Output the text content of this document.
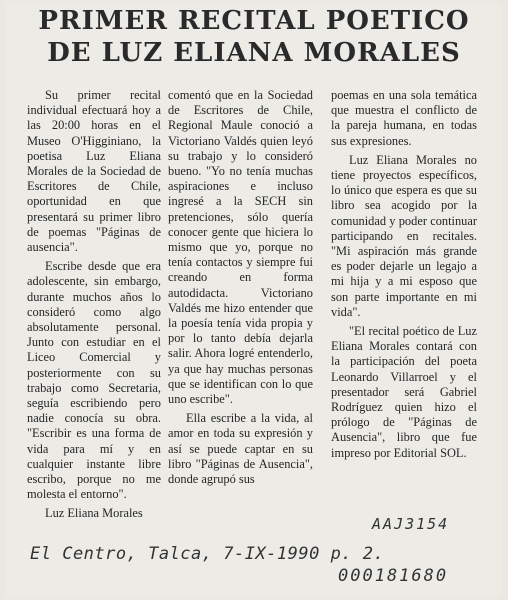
PRIMER RECITAL POETICO
DE LUZ ELIANA MORALES

Su primer recital individual efectuará hoy a las 20:00 horas en el Museo O'Higginiano, la poetisa Luz Eliana Morales de la Sociedad de Escritores de Chile, oportunidad en que presentará su primer libro de poemas "Páginas de ausencia".

Escribe desde que era adolescente, sin embargo, durante muchos años lo consideró como algo absolutamente personal. Junto con estudiar en el Liceo Comercial y posteriormente con su trabajo como Secretaria, seguía escribiendo pero nadie conocía su obra. "Escribir es una forma de vida para mí y en cualquier instante libre escribo, porque no me molesta el entorno".

Luz Eliana Morales

comentó que en la Sociedad de Escritores de Chile, Regional Maule conoció a Victoriano Valdés quien leyó su trabajo y lo consideró bueno. "Yo no tenía muchas aspiraciones e incluso ingresé a la SECH sin pretenciones, sólo quería conocer gente que hiciera lo mismo que yo, porque no tenía contactos y siempre fui creando en forma autodidacta. Victoriano Valdés me hizo entender que la poesía tenía vida propia y por lo tanto debía dejarla salir. Ahora logré entenderlo, ya que hay muchas personas que se identifican con lo que uno escribe".

Ella escribe a la vida, al amor en toda su expresión y así se puede captar en su libro "Páginas de Ausencia", donde agrupó sus

poemas en una sola temática que muestra el conflicto de la pareja humana, en todas sus expresiones.

Luz Eliana Morales no tiene proyectos específicos, lo único que espera es que su libro sea acogido por la comunidad y poder continuar participando en recitales. "Mi aspiración más grande es poder dejarle un legajo a mi hija y a mi esposo que son parte importante en mi vida".

"El recital poético de Luz Eliana Morales contará con la participación del poeta Leonardo Villarroel y el presentador será Gabriel Rodríguez quien hizo el prólogo de "Páginas de Ausencia", libro que fue impreso por Editorial SOL.

AAJ3154
El Centro, Talca, 7-IX-1990 p. 2.
000181680
